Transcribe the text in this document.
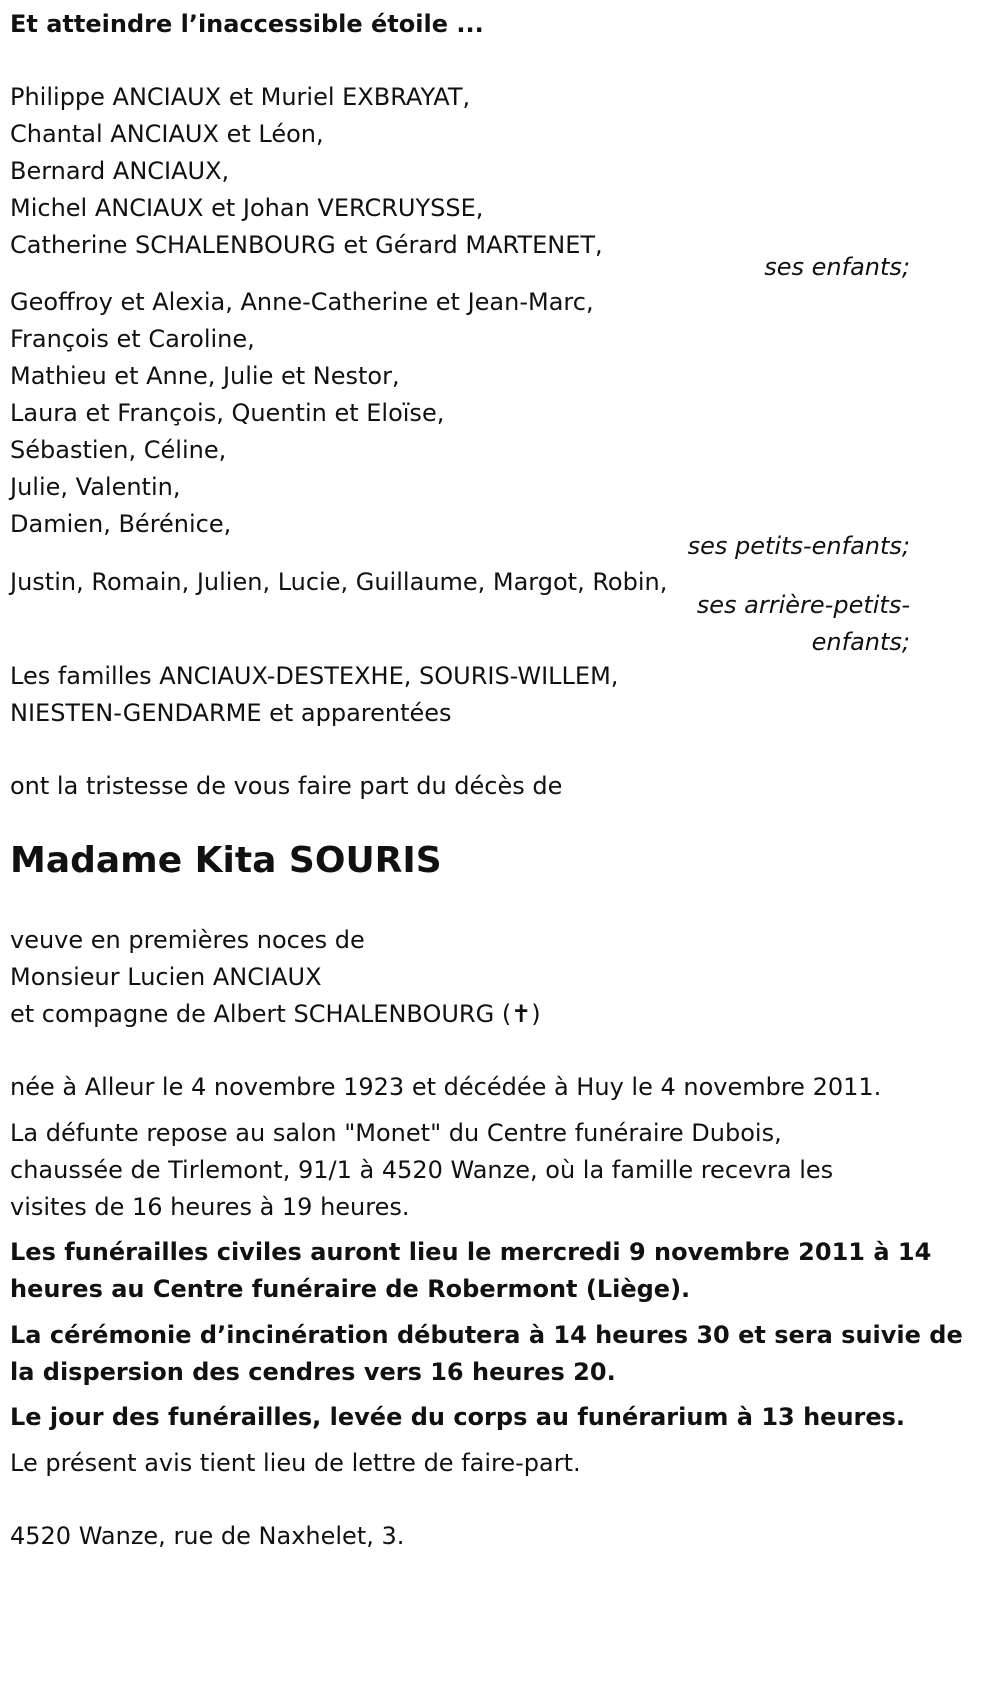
Et atteindre l’inaccessible étoile ...
Philippe ANCIAUX et Muriel EXBRAYAT,
Chantal ANCIAUX et Léon,
Bernard ANCIAUX,
Michel ANCIAUX et Johan VERCRUYSSE,
Catherine SCHALENBOURG et Gérard MARTENET,
ses enfants;
Geoffroy et Alexia, Anne-Catherine et Jean-Marc,
François et Caroline,
Mathieu et Anne, Julie et Nestor,
Laura et François, Quentin et Eloïse,
Sébastien, Céline,
Julie, Valentin,
Damien, Bérénice,
ses petits-enfants;
Justin, Romain, Julien, Lucie, Guillaume, Margot, Robin,
ses arrière-petits-
enfants;
Les familles ANCIAUX-DESTEXHE, SOURIS-WILLEM,
NIESTEN-GENDARME et apparentées
ont la tristesse de vous faire part du décès de
Madame Kita SOURIS
veuve en premières noces de
Monsieur Lucien ANCIAUX
et compagne de Albert SCHALENBOURG (✝)
née à Alleur le 4 novembre 1923 et décédée à Huy le 4 novembre 2011.
La défunte repose au salon "Monet" du Centre funéraire Dubois,
chaussée de Tirlemont, 91/1 à 4520 Wanze, où la famille recevra les
visites de 16 heures à 19 heures.
Les funérailles civiles auront lieu le mercredi 9 novembre 2011 à 14
heures au Centre funéraire de Robermont (Liège).
La cérémonie d’incinération débutera à 14 heures 30 et sera suivie de
la dispersion des cendres vers 16 heures 20.
Le jour des funérailles, levée du corps au funérarium à 13 heures.
Le présent avis tient lieu de lettre de faire-part.
4520 Wanze, rue de Naxhelet, 3.
